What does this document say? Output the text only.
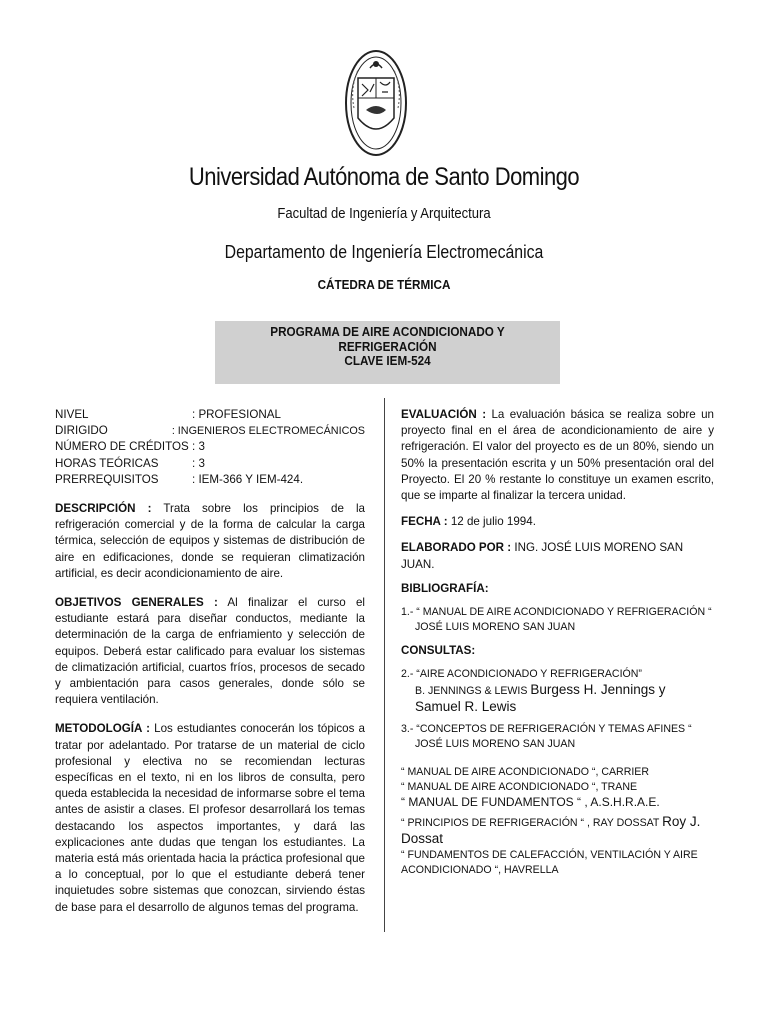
Universidad Autónoma de Santo Domingo
Facultad de Ingeniería y Arquitectura
Departamento de Ingeniería Electromecánica
CÁTEDRA DE TÉRMICA
PROGRAMA DE AIRE ACONDICIONADO Y REFRIGERACIÓN
CLAVE IEM-524
NIVEL	: PROFESIONAL
DIRIGIDO	: INGENIEROS ELECTROMECÁNICOS
NÚMERO DE CRÉDITOS : 3
HORAS TEÓRICAS	: 3
PRERREQUISITOS	: IEM-366 Y IEM-424.

DESCRIPCIÓN : Trata sobre los principios de la refrigeración comercial y de la forma de calcular la carga térmica, selección de equipos y sistemas de distribución de aire en edificaciones, donde se requieran climatización artificial, es decir acondicionamiento de aire.

OBJETIVOS GENERALES : Al finalizar el curso el estudiante estará para diseñar conductos, mediante la determinación de la carga de enfriamiento y selección de equipos. Deberá estar calificado para evaluar los sistemas de climatización artificial, cuartos fríos, procesos de secado y ambientación para casos generales, donde sólo se requiera ventilación.

METODOLOGÍA : Los estudiantes conocerán los tópicos a tratar por adelantado. Por tratarse de un material de ciclo profesional y electiva no se recomiendan lecturas específicas en el texto, ni en los libros de consulta, pero queda establecida la necesidad de informarse sobre el tema antes de asistir a clases. El profesor desarrollará los temas destacando los aspectos importantes, y dará las explicaciones ante dudas que tengan los estudiantes. La materia está más orientada hacia la práctica profesional que a lo conceptual, por lo que el estudiante deberá tener inquietudes sobre sistemas que conozcan, sirviendo éstas de base para el desarrollo de algunos temas del programa.

EVALUACIÓN : La evaluación básica se realiza sobre un proyecto final en el área de acondicionamiento de aire y refrigeración. El valor del proyecto es de un 80%, siendo un 50% la presentación escrita y un 50% presentación oral del Proyecto. El 20 % restante lo constituye un examen escrito, que se imparte al finalizar la tercera unidad.

FECHA : 12 de julio 1994.
ELABORADO POR : ING. JOSÉ LUIS MORENO SAN JUAN.
BIBLIOGRAFÍA:
1.- “ MANUAL DE AIRE ACONDICIONADO Y REFRIGERACIÓN “
JOSÉ LUIS MORENO SAN JUAN
CONSULTAS:
2.- “AIRE ACONDICIONADO Y REFRIGERACIÓN”
B. JENNINGS & LEWIS Burgess H. Jennings y Samuel R. Lewis
3.- “CONCEPTOS DE REFRIGERACIÓN Y TEMAS AFINES “
JOSÉ LUIS MORENO SAN JUAN
“ MANUAL DE AIRE ACONDICIONADO “, CARRIER
“ MANUAL DE AIRE ACONDICIONADO “, TRANE
“ MANUAL DE FUNDAMENTOS “ , A.S.H.R.A.E.
“ PRINCIPIOS DE REFRIGERACIÓN “ , RAY DOSSAT Roy J. Dossat
“ FUNDAMENTOS DE CALEFACCIÓN, VENTILACIÓN Y AIRE ACONDICIONADO “, HAVRELLA
